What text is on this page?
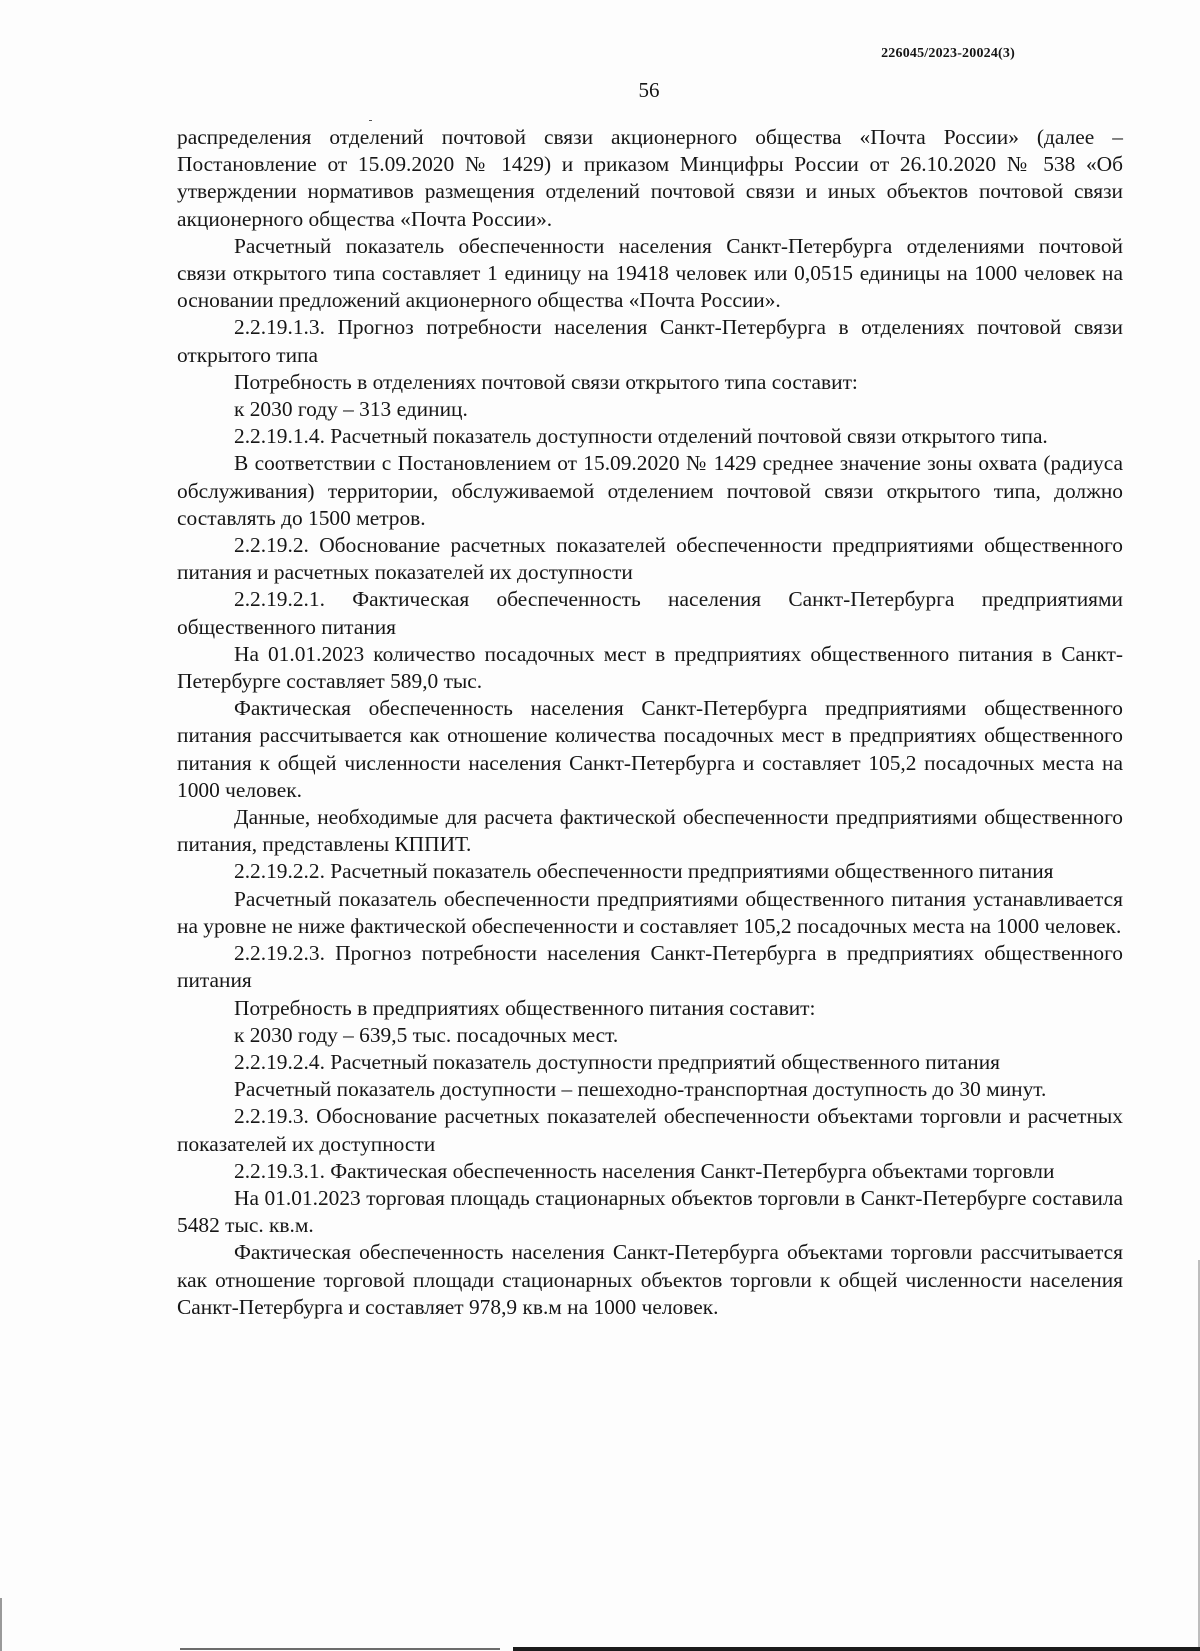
226045/2023-20024(3)
56

распределения отделений почтовой связи акционерного общества «Почта России» (далее – Постановление от 15.09.2020 № 1429) и приказом Минцифры России от 26.10.2020 № 538 «Об утверждении нормативов размещения отделений почтовой связи и иных объектов почтовой связи акционерного общества «Почта России».

Расчетный показатель обеспеченности населения Санкт-Петербурга отделениями почтовой связи открытого типа составляет 1 единицу на 19418 человек или 0,0515 единицы на 1000 человек на основании предложений акционерного общества «Почта России».

2.2.19.1.3. Прогноз потребности населения Санкт-Петербурга в отделениях почтовой связи открытого типа

Потребность в отделениях почтовой связи открытого типа составит:

к 2030 году – 313 единиц.

2.2.19.1.4. Расчетный показатель доступности отделений почтовой связи открытого типа.

В соответствии с Постановлением от 15.09.2020 № 1429 среднее значение зоны охвата (радиуса обслуживания) территории, обслуживаемой отделением почтовой связи открытого типа, должно составлять до 1500 метров.

2.2.19.2. Обоснование расчетных показателей обеспеченности предприятиями общественного питания и расчетных показателей их доступности

2.2.19.2.1. Фактическая обеспеченность населения Санкт-Петербурга предприятиями общественного питания

На 01.01.2023 количество посадочных мест в предприятиях общественного питания в Санкт-Петербурге составляет 589,0 тыс.

Фактическая обеспеченность населения Санкт-Петербурга предприятиями общественного питания рассчитывается как отношение количества посадочных мест в предприятиях общественного питания к общей численности населения Санкт-Петербурга и составляет 105,2 посадочных места на 1000 человек.

Данные, необходимые для расчета фактической обеспеченности предприятиями общественного питания, представлены КППИТ.

2.2.19.2.2. Расчетный показатель обеспеченности предприятиями общественного питания

Расчетный показатель обеспеченности предприятиями общественного питания устанавливается на уровне не ниже фактической обеспеченности и составляет 105,2 посадочных места на 1000 человек.

2.2.19.2.3. Прогноз потребности населения Санкт-Петербурга в предприятиях общественного питания

Потребность в предприятиях общественного питания составит:

к 2030 году – 639,5 тыс. посадочных мест.

2.2.19.2.4. Расчетный показатель доступности предприятий общественного питания

Расчетный показатель доступности – пешеходно-транспортная доступность до 30 минут.

2.2.19.3. Обоснование расчетных показателей обеспеченности объектами торговли и расчетных показателей их доступности

2.2.19.3.1. Фактическая обеспеченность населения Санкт-Петербурга объектами торговли

На 01.01.2023 торговая площадь стационарных объектов торговли в Санкт-Петербурге составила 5482 тыс. кв.м.

Фактическая обеспеченность населения Санкт-Петербурга объектами торговли рассчитывается как отношение торговой площади стационарных объектов торговли к общей численности населения Санкт-Петербурга и составляет 978,9 кв.м на 1000 человек.
